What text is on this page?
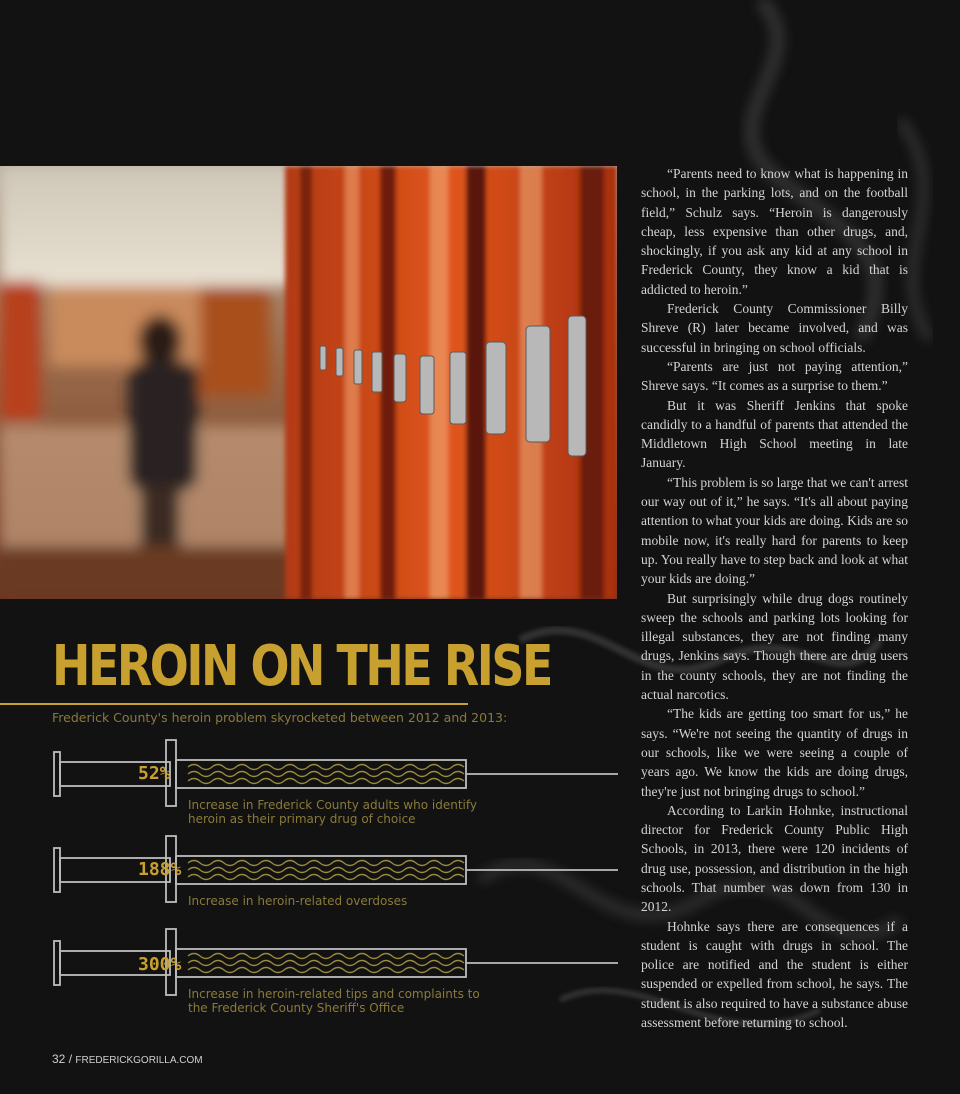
HEROIN ON THE RISE
Frederick County's heroin problem skyrocketed between 2012 and 2013:
52%
Increase in Frederick County adults who identify heroin as their primary drug of choice
188%
Increase in heroin-related overdoses
300%
Increase in heroin-related tips and complaints to the Frederick County Sheriff's Office

“Parents need to know what is happening in school, in the parking lots, and on the football field,” Schulz says. “Heroin is dangerously cheap, less expensive than other drugs, and, shockingly, if you ask any kid at any school in Frederick County, they know a kid that is addicted to heroin.”

Frederick County Commissioner Billy Shreve (R) later became involved, and was successful in bringing on school officials.

“Parents are just not paying attention,” Shreve says. “It comes as a surprise to them.”

But it was Sheriff Jenkins that spoke candidly to a handful of parents that attended the Middletown High School meeting in late January.

“This problem is so large that we can't arrest our way out of it,” he says. “It's all about paying attention to what your kids are doing. Kids are so mobile now, it's really hard for parents to keep up. You really have to step back and look at what your kids are doing.”

But surprisingly while drug dogs routinely sweep the schools and parking lots looking for illegal substances, they are not finding many drugs, Jenkins says. Though there are drug users in the county schools, they are not finding the actual narcotics.

“The kids are getting too smart for us,” he says. “We're not seeing the quantity of drugs in our schools, like we were seeing a couple of years ago. We know the kids are doing drugs, they're just not bringing drugs to school.”

According to Larkin Hohnke, instructional director for Frederick County Public High Schools, in 2013, there were 120 incidents of drug use, possession, and distribution in the high schools. That number was down from 130 in 2012.

Hohnke says there are consequences if a student is caught with drugs in school. The police are notified and the student is either suspended or expelled from school, he says. The student is also required to have a substance abuse assessment before returning to school.

32 / FREDERICKGORILLA.COM
